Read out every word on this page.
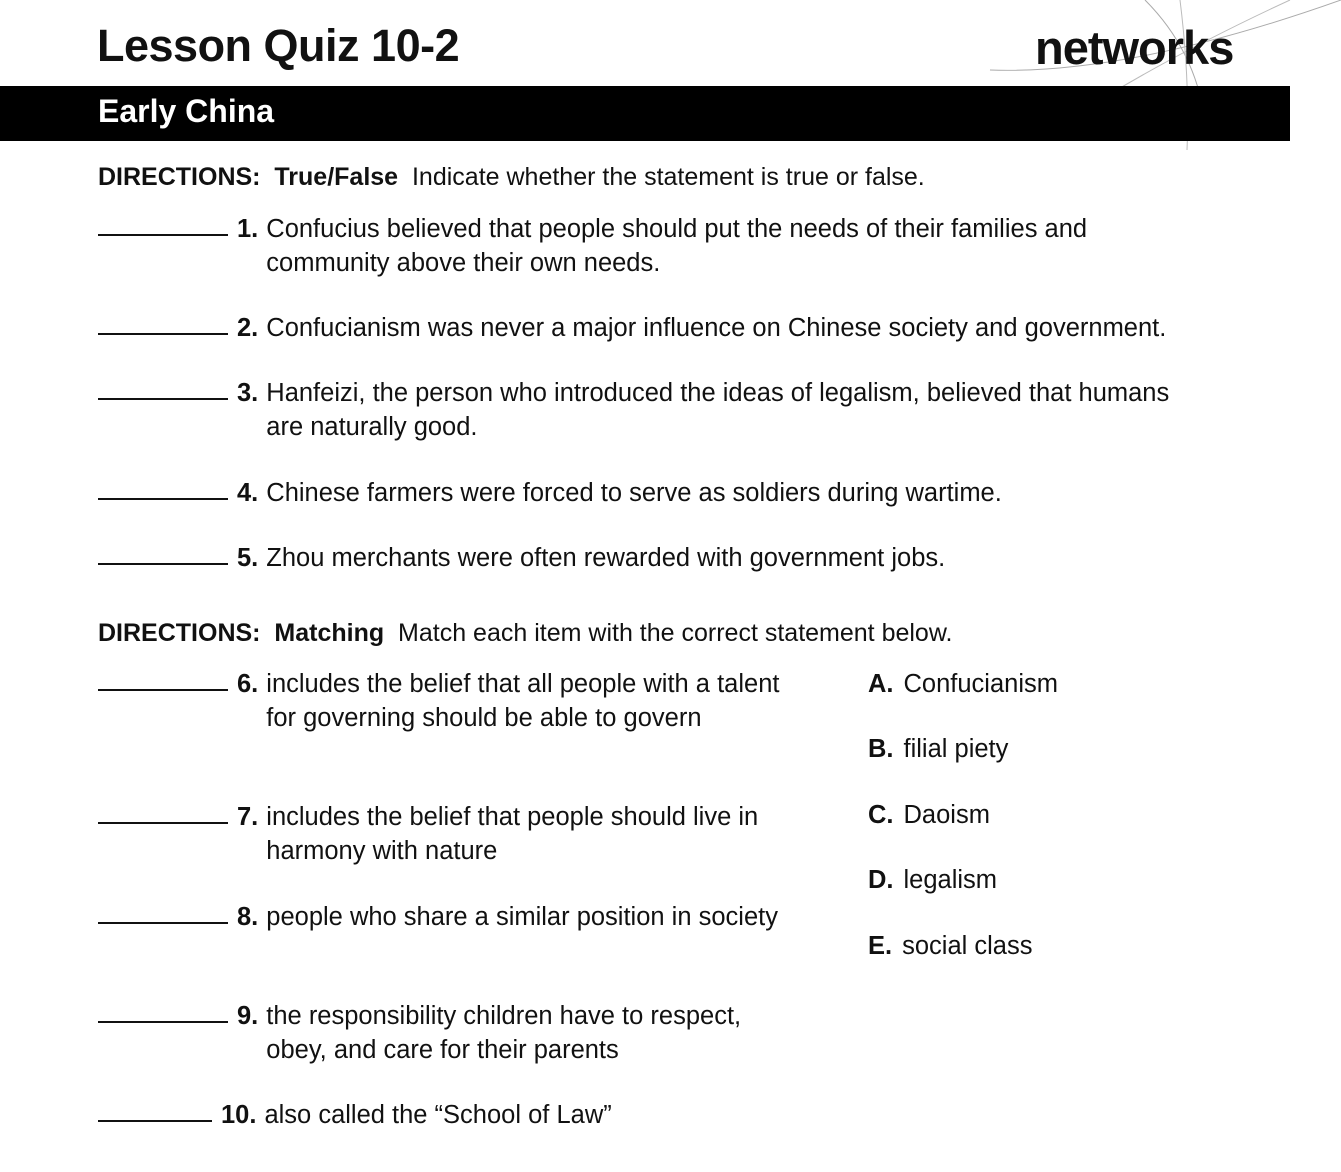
Lesson Quiz 10-2	networks
Early China
DIRECTIONS: True/False Indicate whether the statement is true or false.
1. Confucius believed that people should put the needs of their families and community above their own needs.
2. Confucianism was never a major influence on Chinese society and government.
3. Hanfeizi, the person who introduced the ideas of legalism, believed that humans are naturally good.
4. Chinese farmers were forced to serve as soldiers during wartime.
5. Zhou merchants were often rewarded with government jobs.
DIRECTIONS: Matching Match each item with the correct statement below.
6. includes the belief that all people with a talent for governing should be able to govern
7. includes the belief that people should live in harmony with nature
8. people who share a similar position in society
9. the responsibility children have to respect, obey, and care for their parents
10. also called the “School of Law”
A. Confucianism
B. filial piety
C. Daoism
D. legalism
E. social class
